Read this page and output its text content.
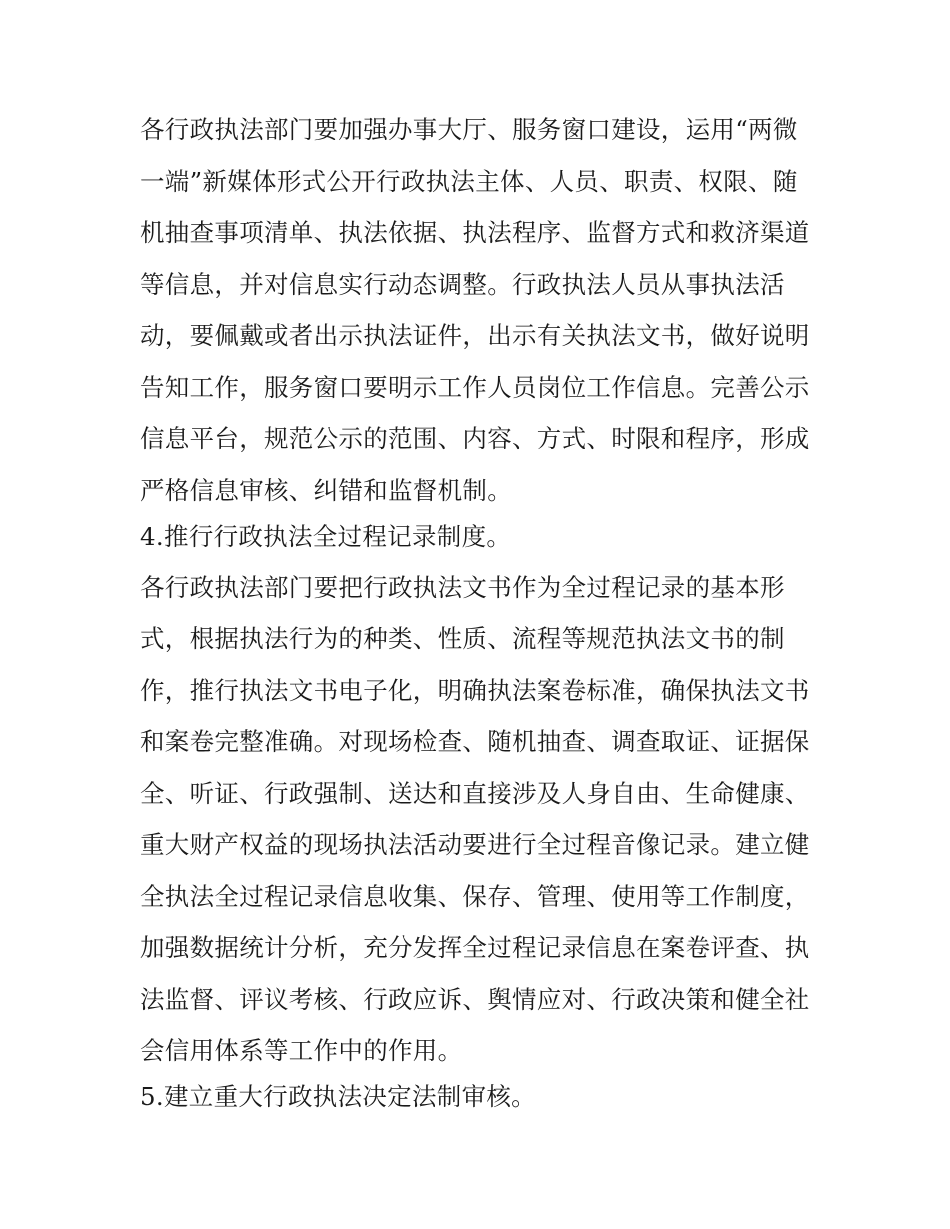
各行政执法部门要加强办事大厅、服务窗口建设，运用“两微
一端”新媒体形式公开行政执法主体、人员、职责、权限、随
机抽查事项清单、执法依据、执法程序、监督方式和救济渠道
等信息，并对信息实行动态调整。行政执法人员从事执法活
动，要佩戴或者出示执法证件，出示有关执法文书，做好说明
告知工作，服务窗口要明示工作人员岗位工作信息。完善公示
信息平台，规范公示的范围、内容、方式、时限和程序，形成
严格信息审核、纠错和监督机制。
4.推行行政执法全过程记录制度。
各行政执法部门要把行政执法文书作为全过程记录的基本形
式，根据执法行为的种类、性质、流程等规范执法文书的制
作，推行执法文书电子化，明确执法案卷标准，确保执法文书
和案卷完整准确。对现场检查、随机抽查、调查取证、证据保
全、听证、行政强制、送达和直接涉及人身自由、生命健康、
重大财产权益的现场执法活动要进行全过程音像记录。建立健
全执法全过程记录信息收集、保存、管理、使用等工作制度，
加强数据统计分析，充分发挥全过程记录信息在案卷评查、执
法监督、评议考核、行政应诉、舆情应对、行政决策和健全社
会信用体系等工作中的作用。
5.建立重大行政执法决定法制审核。
